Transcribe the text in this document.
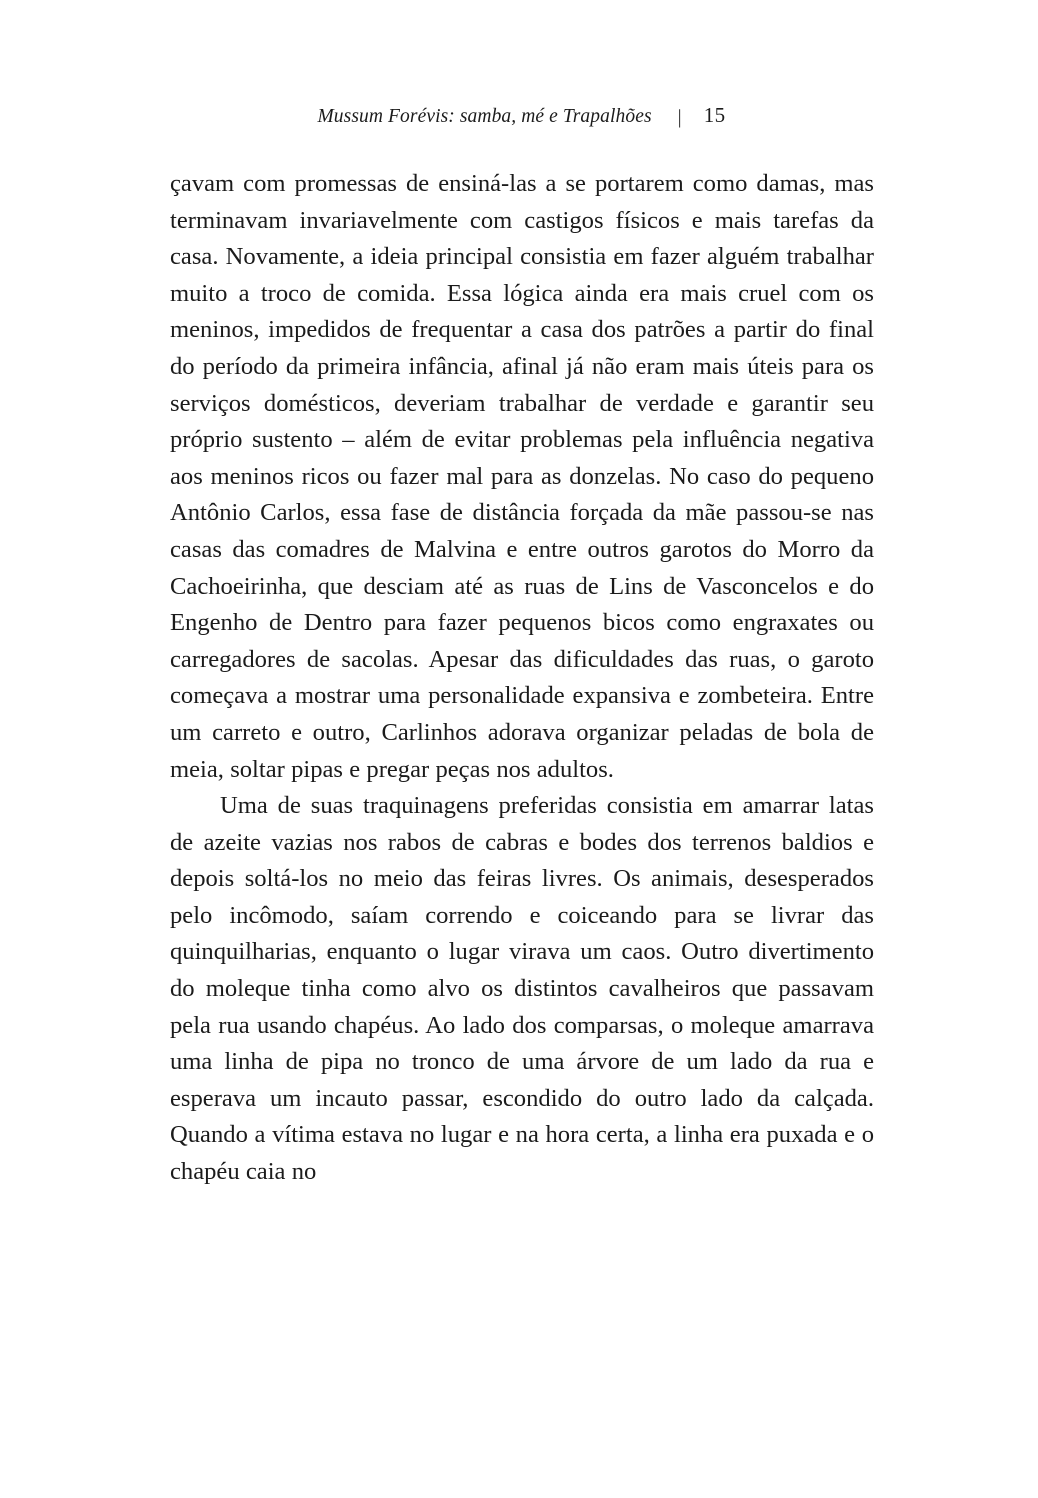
Mussum Forévis: samba, mé e Trapalhões | 15

çavam com promessas de ensiná-las a se portarem como damas, mas terminavam invariavelmente com castigos físicos e mais tarefas da casa. Novamente, a ideia principal consistia em fazer alguém trabalhar muito a troco de comida. Essa lógica ainda era mais cruel com os meninos, impedidos de frequentar a casa dos patrões a partir do final do período da primeira infância, afinal já não eram mais úteis para os serviços domésticos, deveriam trabalhar de verdade e garantir seu próprio sustento – além de evitar problemas pela influência negativa aos meninos ricos ou fazer mal para as donzelas. No caso do pequeno Antônio Carlos, essa fase de distância forçada da mãe passou-se nas casas das comadres de Malvina e entre outros garotos do Morro da Cachoeirinha, que desciam até as ruas de Lins de Vasconcelos e do Engenho de Dentro para fazer pequenos bicos como engraxates ou carregadores de sacolas. Apesar das dificuldades das ruas, o garoto começava a mostrar uma personalidade expansiva e zombeteira. Entre um carreto e outro, Carlinhos adorava organizar peladas de bola de meia, soltar pipas e pregar peças nos adultos.

Uma de suas traquinagens preferidas consistia em amarrar latas de azeite vazias nos rabos de cabras e bodes dos terrenos baldios e depois soltá-los no meio das feiras livres. Os animais, desesperados pelo incômodo, saíam correndo e coiceando para se livrar das quinquilharias, enquanto o lugar virava um caos. Outro divertimento do moleque tinha como alvo os distintos cavalheiros que passavam pela rua usando chapéus. Ao lado dos comparsas, o moleque amarrava uma linha de pipa no tronco de uma árvore de um lado da rua e esperava um incauto passar, escondido do outro lado da calçada. Quando a vítima estava no lugar e na hora certa, a linha era puxada e o chapéu caia no
